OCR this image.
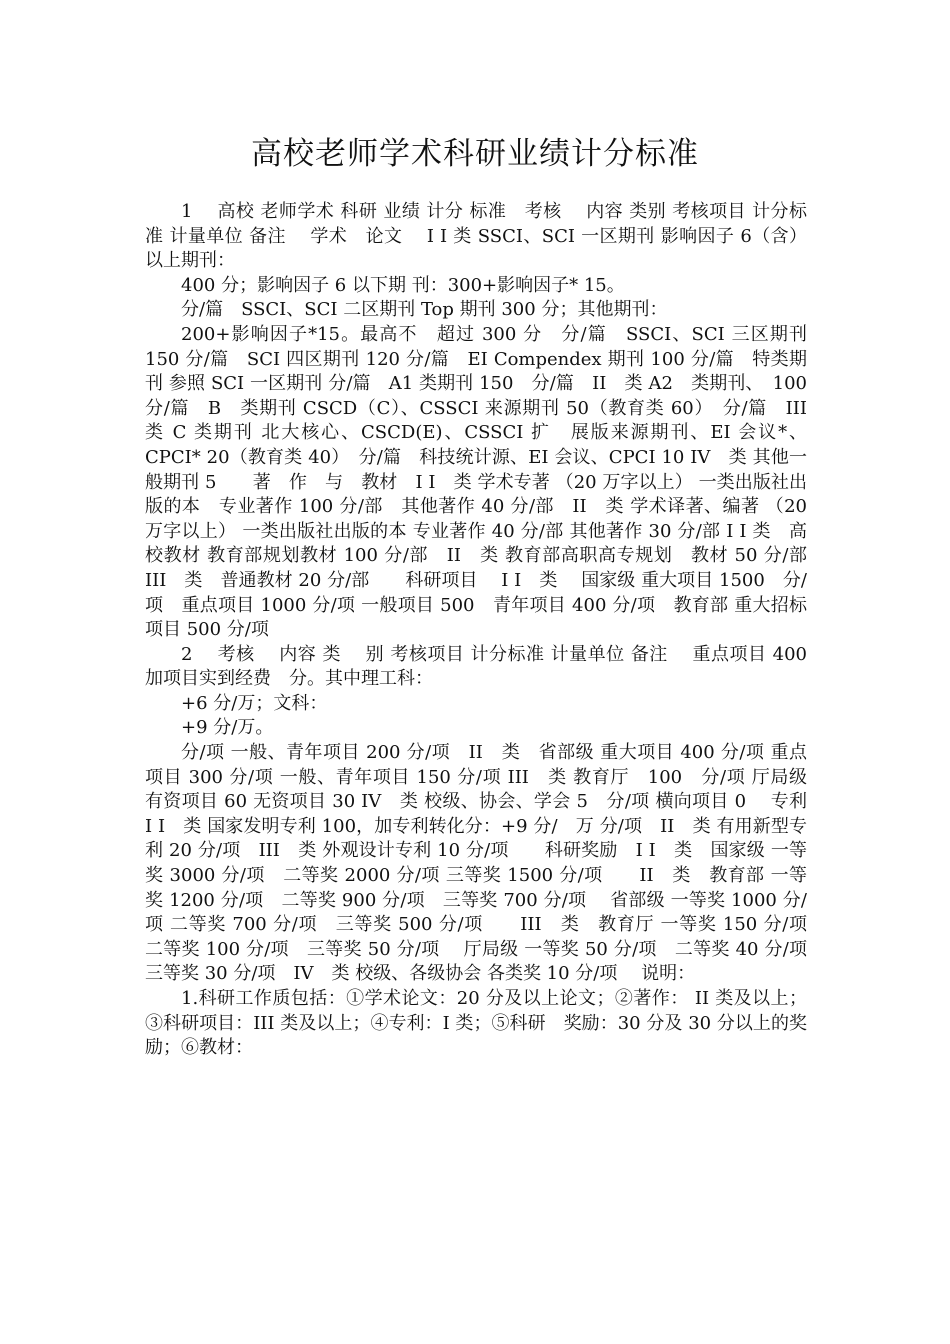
高校老师学术科研业绩计分标准

1　 高校 老师学术 科研 业绩 计分 标准　考核　 内容 类别 考核项目 计分标准 计量单位 备注　 学术　论文　 I I 类 SSCI、SCI 一区期刊 影响因子 6（含）以上期刊：

400 分；影响因子 6 以下期 刊：300+影响因子* 15。

分/篇　SSCI、SCI 二区期刊 Top 期刊 300 分；其他期刊：

200+影响因子*15。最高不　超过 300 分　分/篇　SSCI、SCI 三区期刊 150 分/篇　SCI 四区期刊 120 分/篇　EI Compendex 期刊 100 分/篇　特类期刊 参照 SCI 一区期刊 分/篇　A1 类期刊 150　分/篇　II　类 A2　类期刊、　100　分/篇　B　类期刊 CSCD（C）、CSSCI 来源期刊 50（教育类 60）　分/篇　III　类 C 类期刊 北大核心、CSCD(E)、CSSCI 扩　展版来源期刊、EI 会议*、CPCI* 20（教育类 40）　分/篇　科技统计源、EI 会议、CPCI 10 IV　类 其他一般期刊 5　　著　作　与　教材　I I　类 学术专著 （20 万字以上） 一类出版社出版的本　专业著作 100 分/部　其他著作 40 分/部　II　类 学术译著、编著 （20 万字以上） 一类出版社出版的本 专业著作 40 分/部 其他著作 30 分/部 I I 类　高校教材 教育部规划教材 100 分/部　II　类 教育部高职高专规划　教材 50 分/部　III　类　普通教材 20 分/部　　科研项目　 I I　类　 国家级 重大项目 1500　分/项　重点项目 1000 分/项 一般项目 500　青年项目 400 分/项　教育部 重大招标项目 500 分/项

2　 考核　 内容 类　 别 考核项目 计分标准 计量单位 备注　 重点项目 400　加项目实到经费　分。其中理工科：

+6 分/万；文科：

+9 分/万。

分/项 一般、青年项目 200 分/项　II　类　省部级 重大项目 400 分/项 重点项目 300 分/项 一般、青年项目 150 分/项 III　类 教育厅　100　分/项 厅局级 有资项目 60 无资项目 30 IV　类 校级、协会、学会 5　分/项 横向项目 0　 专利 I I　类 国家发明专利 100，加专利转化分：+9 分/　万 分/项　II　类 有用新型专利 20 分/项　III　类 外观设计专利 10 分/项　　科研奖励　I I　类　国家级 一等奖 3000 分/项　二等奖 2000 分/项 三等奖 1500 分/项　　II　类　教育部 一等奖 1200 分/项　二等奖 900 分/项　三等奖 700 分/项　 省部级 一等奖 1000 分/项 二等奖 700 分/项　三等奖 500 分/项　　III　类　教育厅 一等奖 150 分/项　二等奖 100 分/项　三等奖 50 分/项　 厅局级 一等奖 50 分/项　二等奖 40 分/项　三等奖 30 分/项　IV　类 校级、各级协会 各类奖 10 分/项　 说明：

1.科研工作质包括：①学术论文：20 分及以上论文；②著作： II 类及以上；③科研项目：III 类及以上；④专利：I 类；⑤科研　奖励：30 分及 30 分以上的奖励；⑥教材：
